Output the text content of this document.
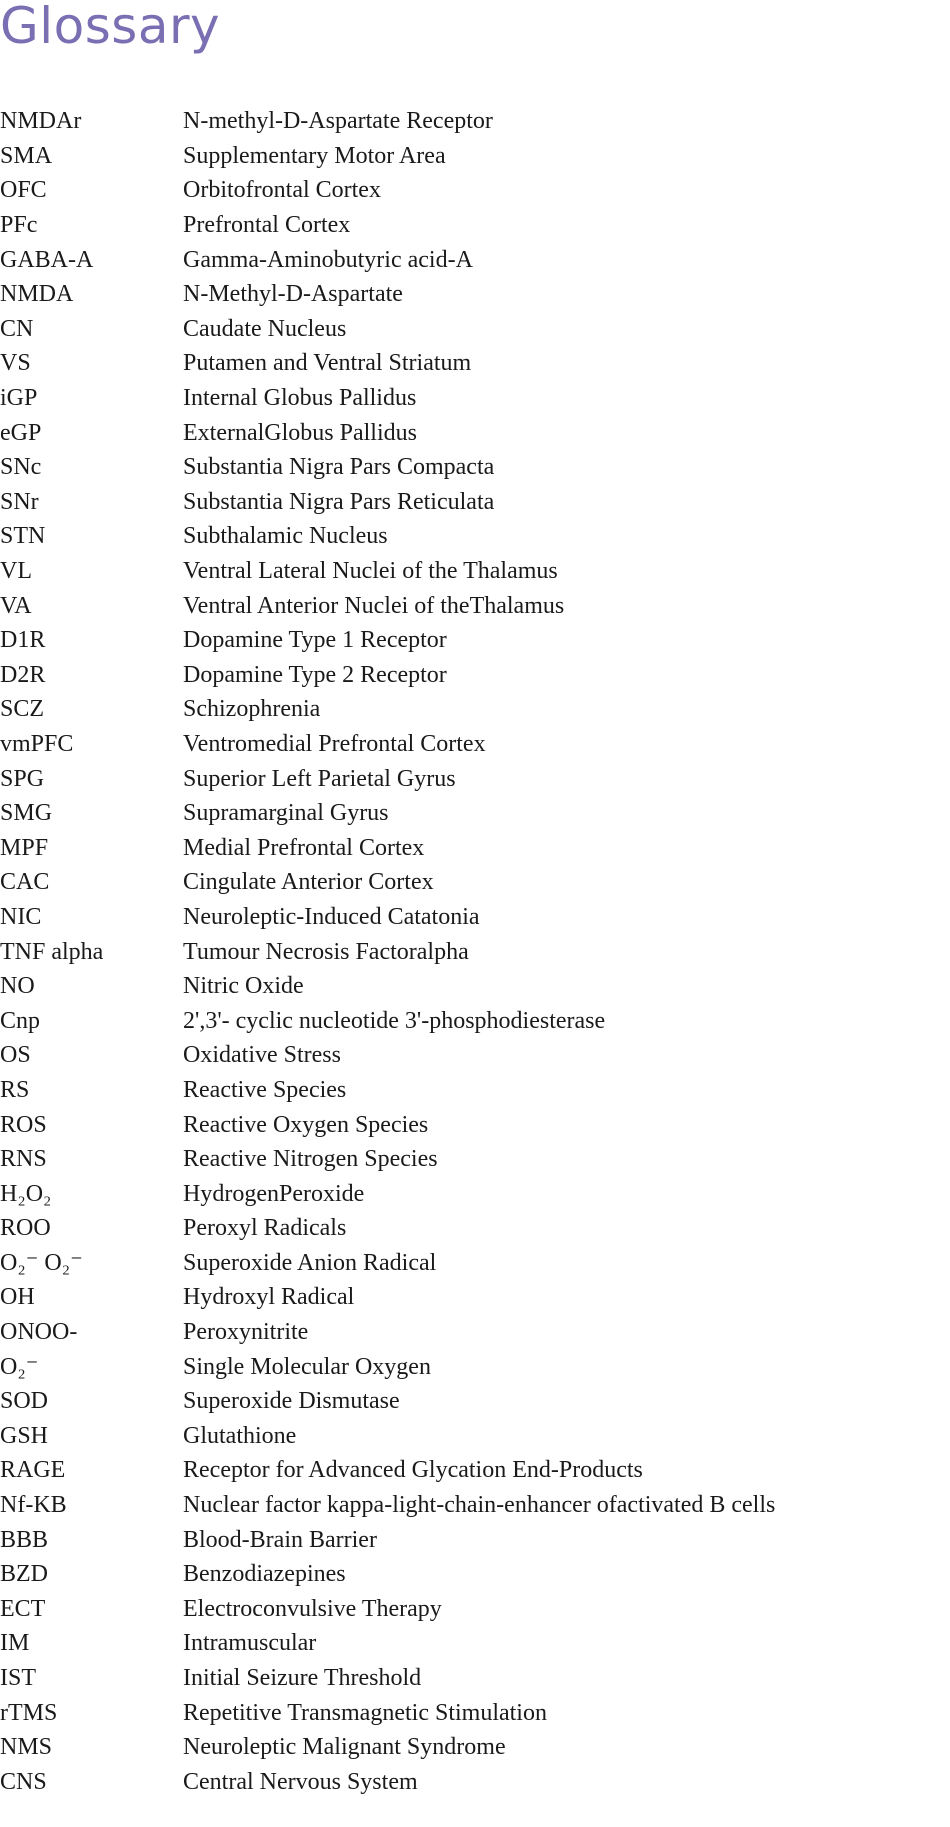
Glossary
NMDAr	N-methyl-D-Aspartate Receptor
SMA	Supplementary Motor Area
OFC	Orbitofrontal Cortex
PFc	Prefrontal Cortex
GABA-A	Gamma-Aminobutyric acid-A
NMDA	N-Methyl-D-Aspartate
CN	Caudate Nucleus
VS	Putamen and Ventral Striatum
iGP	Internal Globus Pallidus
eGP	ExternalGlobus Pallidus
SNc	Substantia Nigra Pars Compacta
SNr	Substantia Nigra Pars Reticulata
STN	Subthalamic Nucleus
VL	Ventral Lateral Nuclei of the Thalamus
VA	Ventral Anterior Nuclei of theThalamus
D1R	Dopamine Type 1 Receptor
D2R	Dopamine Type 2 Receptor
SCZ	Schizophrenia
vmPFC	Ventromedial Prefrontal Cortex
SPG	Superior Left Parietal Gyrus
SMG	Supramarginal Gyrus
MPF	Medial Prefrontal Cortex
CAC	Cingulate Anterior Cortex
NIC	Neuroleptic-Induced Catatonia
TNF alpha	Tumour Necrosis Factoralpha
NO	Nitric Oxide
Cnp	2',3'- cyclic nucleotide 3'-phosphodiesterase
OS	Oxidative Stress
RS	Reactive Species
ROS	Reactive Oxygen Species
RNS	Reactive Nitrogen Species
H₂O₂	HydrogenPeroxide
ROO	Peroxyl Radicals
O₂⁻ O₂⁻	Superoxide Anion Radical
OH	Hydroxyl Radical
ONOO-	Peroxynitrite
O₂⁻	Single Molecular Oxygen
SOD	Superoxide Dismutase
GSH	Glutathione
RAGE	Receptor for Advanced Glycation End-Products
Nf-KB	Nuclear factor kappa-light-chain-enhancer ofactivated B cells
BBB	Blood-Brain Barrier
BZD	Benzodiazepines
ECT	Electroconvulsive Therapy
IM	Intramuscular
IST	Initial Seizure Threshold
rTMS	Repetitive Transmagnetic Stimulation
NMS	Neuroleptic Malignant Syndrome
CNS	Central Nervous System
